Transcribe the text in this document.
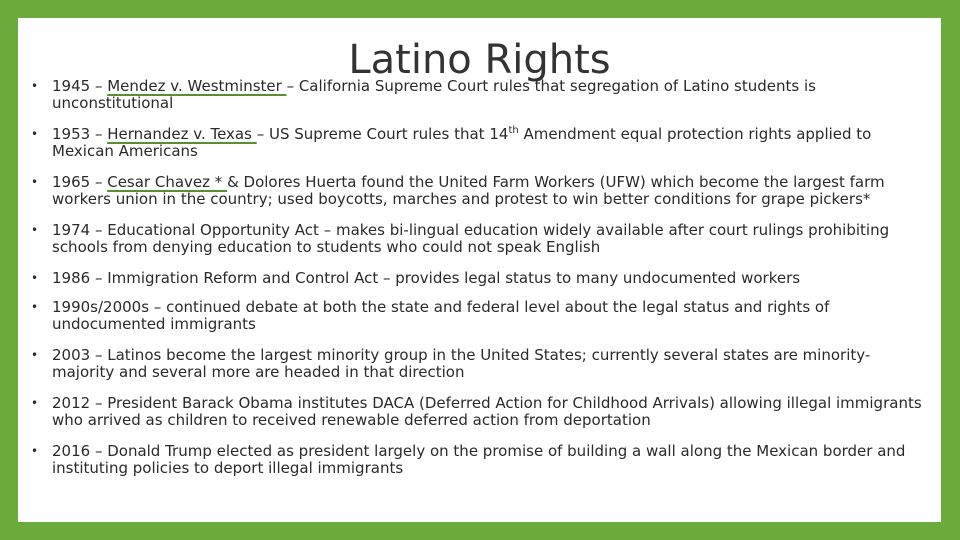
Latino Rights
• 1945 – Mendez v. Westminster – California Supreme Court rules that segregation of Latino students is unconstitutional
• 1953 – Hernandez v. Texas – US Supreme Court rules that 14th Amendment equal protection rights applied to Mexican Americans
• 1965 – Cesar Chavez * & Dolores Huerta found the United Farm Workers (UFW) which become the largest farm workers union in the country; used boycotts, marches and protest to win better conditions for grape pickers*
• 1974 – Educational Opportunity Act – makes bi-lingual education widely available after court rulings prohibiting schools from denying education to students who could not speak English
• 1986 – Immigration Reform and Control Act – provides legal status to many undocumented workers
• 1990s/2000s – continued debate at both the state and federal level about the legal status and rights of undocumented immigrants
• 2003 – Latinos become the largest minority group in the United States; currently several states are minority-majority and several more are headed in that direction
• 2012 – President Barack Obama institutes DACA (Deferred Action for Childhood Arrivals) allowing illegal immigrants who arrived as children to received renewable deferred action from deportation
• 2016 – Donald Trump elected as president largely on the promise of building a wall along the Mexican border and instituting policies to deport illegal immigrants
